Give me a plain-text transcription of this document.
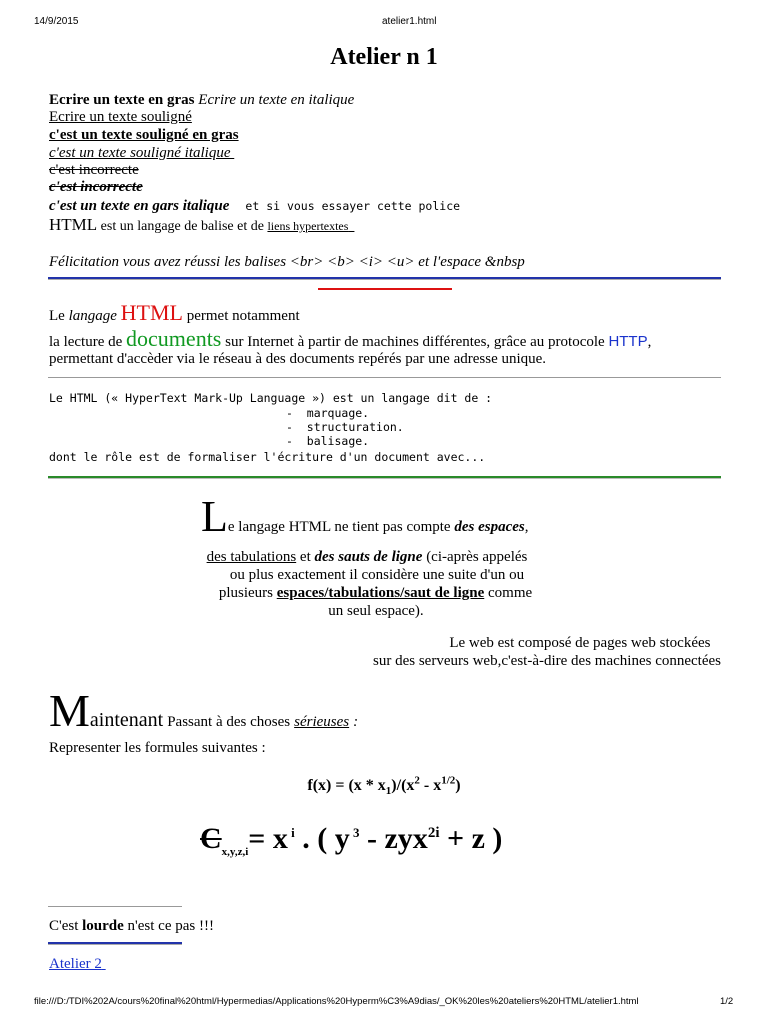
14/9/2015	atelier1.html
Atelier n 1
Ecrire un texte en gras Ecrire un texte en italique
Ecrire un texte souligné
c'est un texte souligné en gras
c'est un texte souligné italique
c'est incorrecte
c'est incorrecte
c'est un texte en gars italique et si vous essayer cette police
HTML est un langage de balise et de liens hypertextes
Félicitation vous avez réussi les balises <br> <b> <i> <u> et l'espace &nbsp
Le langage HTML permet notamment
la lecture de documents sur Internet à partir de machines différentes, grâce au protocole HTTP,
permettant d'accèder via le réseau à des documents repérés par une adresse unique.
Le HTML (« HyperText Mark-Up Language ») est un langage dit de :
-  marquage.
-  structuration.
-  balisage.
dont le rôle est de formaliser l'écriture d'un document avec...
Le langage HTML ne tient pas compte des espaces,
des tabulations et des sauts de ligne (ci-après appelés
ou plus exactement il considère une suite d'un ou
plusieurs espaces/tabulations/saut de ligne comme
un seul espace).
Le web est composé de pages web stockées
sur des serveurs web,c'est-à-dire des machines connectées
Maintenant Passant à des choses sérieuses :
Representer les formules suivantes :
$f(x) = (x * x_1)/(x^2 - x^{1/2})$
$C_{x,y,z,i}= x$ $^i$ . ( y $^3$ - zyx$^{2i}$ + z )
C'est lourde n'est ce pas !!!
Atelier 2
file:///D:/TDI%202A/cours%20final%20html/Hypermedias/Applications%20Hyperm%C3%A9dias/_OK%20les%20ateliers%20HTML/atelier1.html	1/2
